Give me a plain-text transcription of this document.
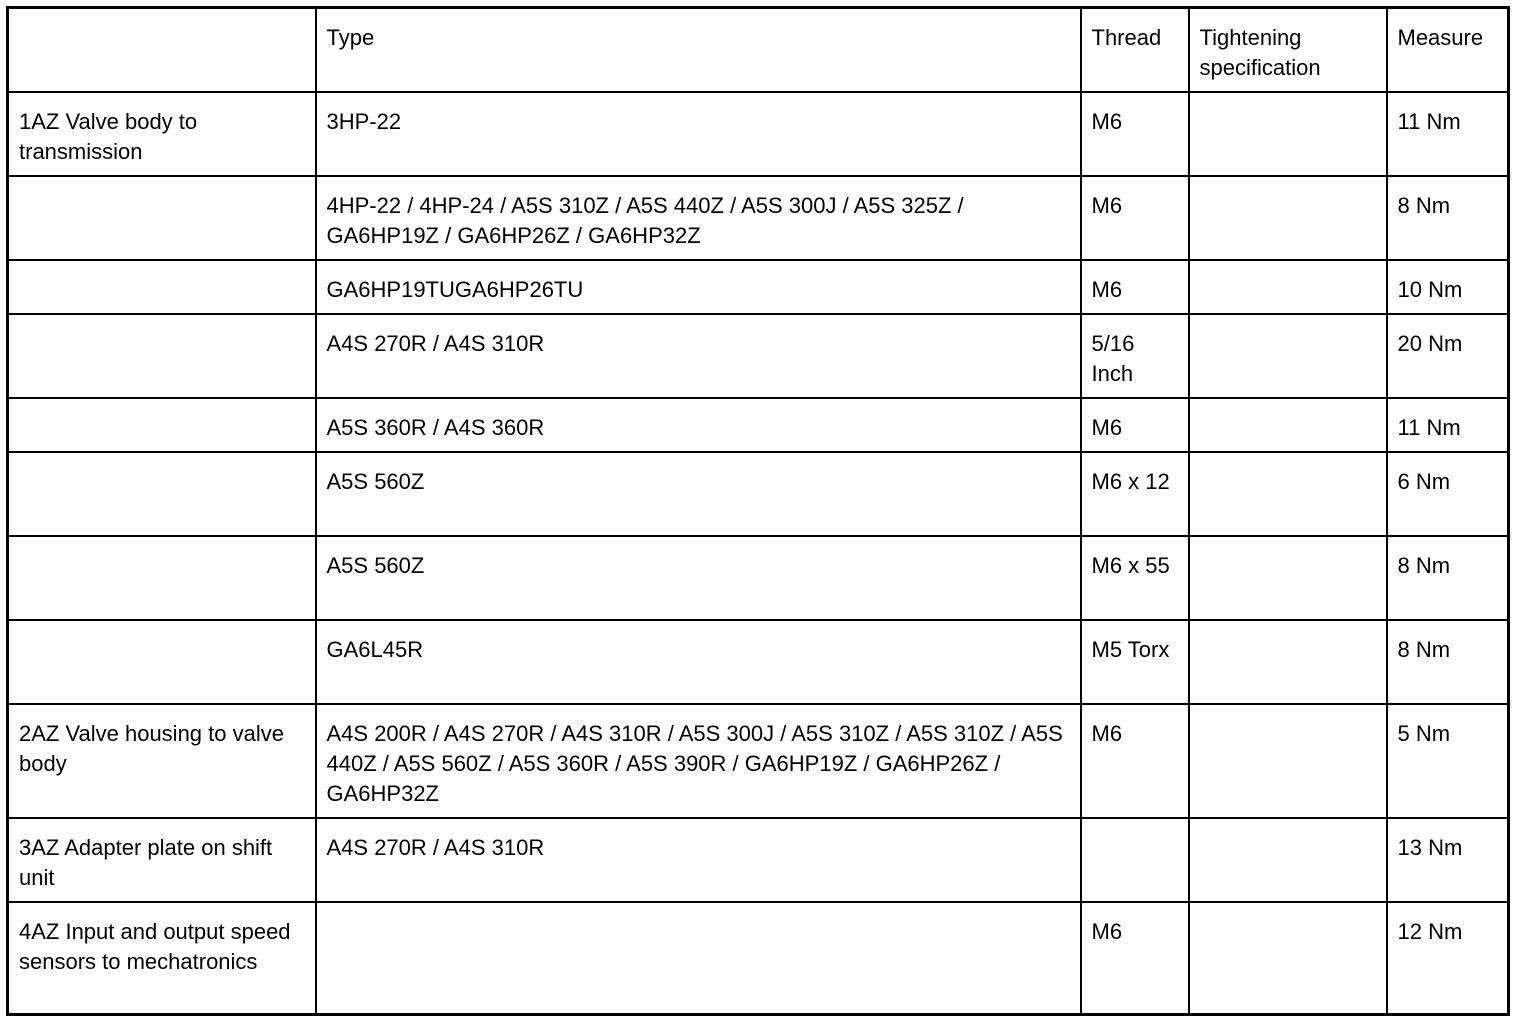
	Type	Thread	Tightening specification	Measure
1AZ Valve body to transmission	3HP-22	M6		11 Nm
	4HP-22 / 4HP-24 / A5S 310Z / A5S 440Z / A5S 300J / A5S 325Z / GA6HP19Z / GA6HP26Z / GA6HP32Z	M6		8 Nm
	GA6HP19TUGA6HP26TU	M6		10 Nm
	A4S 270R / A4S 310R	5/16 Inch		20 Nm
	A5S 360R / A4S 360R	M6		11 Nm
	A5S 560Z	M6 x 12		6 Nm
	A5S 560Z	M6 x 55		8 Nm
	GA6L45R	M5 Torx		8 Nm
2AZ Valve housing to valve body	A4S 200R / A4S 270R / A4S 310R / A5S 300J / A5S 310Z / A5S 310Z / A5S 440Z / A5S 560Z / A5S 360R / A5S 390R / GA6HP19Z / GA6HP26Z / GA6HP32Z	M6		5 Nm
3AZ Adapter plate on shift unit	A4S 270R / A4S 310R			13 Nm
4AZ Input and output speed sensors to mechatronics		M6		12 Nm
